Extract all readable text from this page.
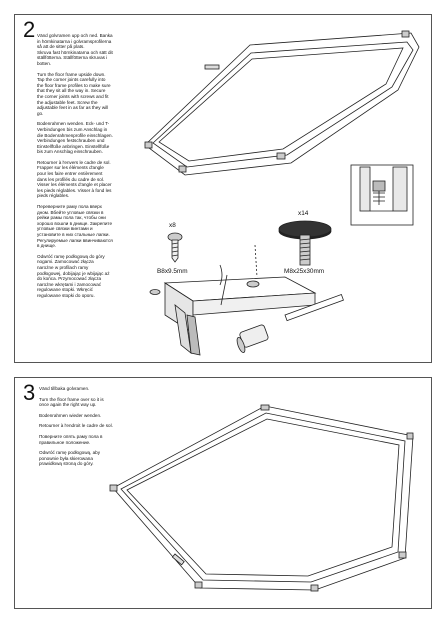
2 Vänd golvramen upp och ned. Banka
in hörnkinatarna i golvramsprofilerna
så att de sitter på plats.
Skruva fast hörnkinatarna och sätt dit
ställfötterna. Ställfötterna skruvas i
botten.

Turn the floor frame upside down.
Tap the corner joints carefully into
the floor frame profiles to make sure
that they sit all the way in. Secure
the corner joints with screws and fit
the adjustable feet. Screw the
adjustable feet in as far as they will
go.

Bodenrahmen wenden. Eck- und T-
Verbindungen bis zum Anschlag in
die Bodenrahmenprofile einschlagen.
Verbindungen festschrauben und
Einstellfüße anbringen. Einstellfüße
bis zum Anschlag einschrauben.

Retourner à l'envers le cadre de sol.
Frapper sur les éléments d'angle
pour les faire entrer entièrement
dans les profilés du cadre de sol.
Visser les éléments d'angle et placer
les pieds réglables. Visser à fond les
pieds réglables.

Переверните раму пола вверх
дном. Вбейте угловые связки в
рейки рамы пола так, чтобы они
хорошо вошли в днище. Закрепите
угловые связки винтами и
установите в них стальные лапки.
Регулируемые лапки ввинчиваются
в днище.

Odwróć ramę podłogową do góry
nogami. Zamocować złącza
narożne w profilach ramy
podłogowej, dobijając je wbijając aż
do końca. Przymocować złącza
narożne wkrętami i zamocować
regulowane stopki. Wkręcić
regulowane stopki do oporu.

x8
B8x9.5mm
x14
M8x25x30mm
3 Vänd tillbaka golvramen.

Turn the floor frame over so it is
once again the right way up.

Bodenrahmen wieder wenden.

Retourner à l'endroit le cadre de sol.

Поверните опять раму пола в
правильное положение.

Odwróć ramę podłogową, aby
ponownie była skierowana
prawidłową stroną do góry.
